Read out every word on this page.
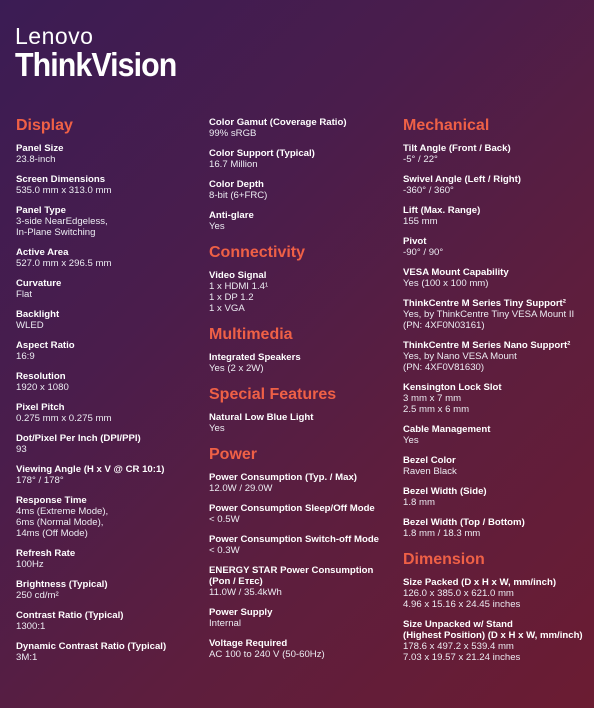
Lenovo
ThinkVision
Display
Panel Size
23.8-inch
Screen Dimensions
535.0 mm x 313.0 mm
Panel Type
3-side NearEdgeless,
In-Plane Switching
Active Area
527.0 mm x 296.5 mm
Curvature
Flat
Backlight
WLED
Aspect Ratio
16:9
Resolution
1920 x 1080
Pixel Pitch
0.275 mm x 0.275 mm
Dot/Pixel Per Inch (DPI/PPI)
93
Viewing Angle (H x V @ CR 10:1)
178° / 178°
Response Time
4ms (Extreme Mode),
6ms (Normal Mode),
14ms (Off Mode)
Refresh Rate
100Hz
Brightness (Typical)
250 cd/m²
Contrast Ratio (Typical)
1300:1
Dynamic Contrast Ratio (Typical)
3M:1
Color Gamut (Coverage Ratio)
99% sRGB
Color Support (Typical)
16.7 Million
Color Depth
8-bit (6+FRC)
Anti-glare
Yes
Connectivity
Video Signal
1 x HDMI 1.4¹
1 x DP 1.2
1 x VGA
Multimedia
Integrated Speakers
Yes (2 x 2W)
Special Features
Natural Low Blue Light
Yes
Power
Power Consumption (Typ. / Max)
12.0W / 29.0W
Power Consumption Sleep/Off Mode
< 0.5W
Power Consumption Switch-off Mode
< 0.3W
ENERGY STAR Power Consumption
(Pon / Eᴛᴇᴄ)
11.0W / 35.4kWh
Power Supply
Internal
Voltage Required
AC 100 to 240 V (50-60Hz)
Mechanical
Tilt Angle (Front / Back)
-5° / 22°
Swivel Angle (Left / Right)
-360° / 360°
Lift (Max. Range)
155 mm
Pivot
-90° / 90°
VESA Mount Capability
Yes (100 x 100 mm)
ThinkCentre M Series Tiny Support²
Yes, by ThinkCentre Tiny VESA Mount II
(PN: 4XF0N03161)
ThinkCentre M Series Nano Support²
Yes, by Nano VESA Mount
(PN: 4XF0V81630)
Kensington Lock Slot
3 mm x 7 mm
2.5 mm x 6 mm
Cable Management
Yes
Bezel Color
Raven Black
Bezel Width (Side)
1.8 mm
Bezel Width (Top / Bottom)
1.8 mm / 18.3 mm
Dimension
Size Packed (D x H x W, mm/inch)
126.0 x 385.0 x 621.0 mm
4.96 x 15.16 x 24.45 inches
Size Unpacked w/ Stand
(Highest Position) (D x H x W, mm/inch)
178.6 x 497.2 x 539.4 mm
7.03 x 19.57 x 21.24 inches
